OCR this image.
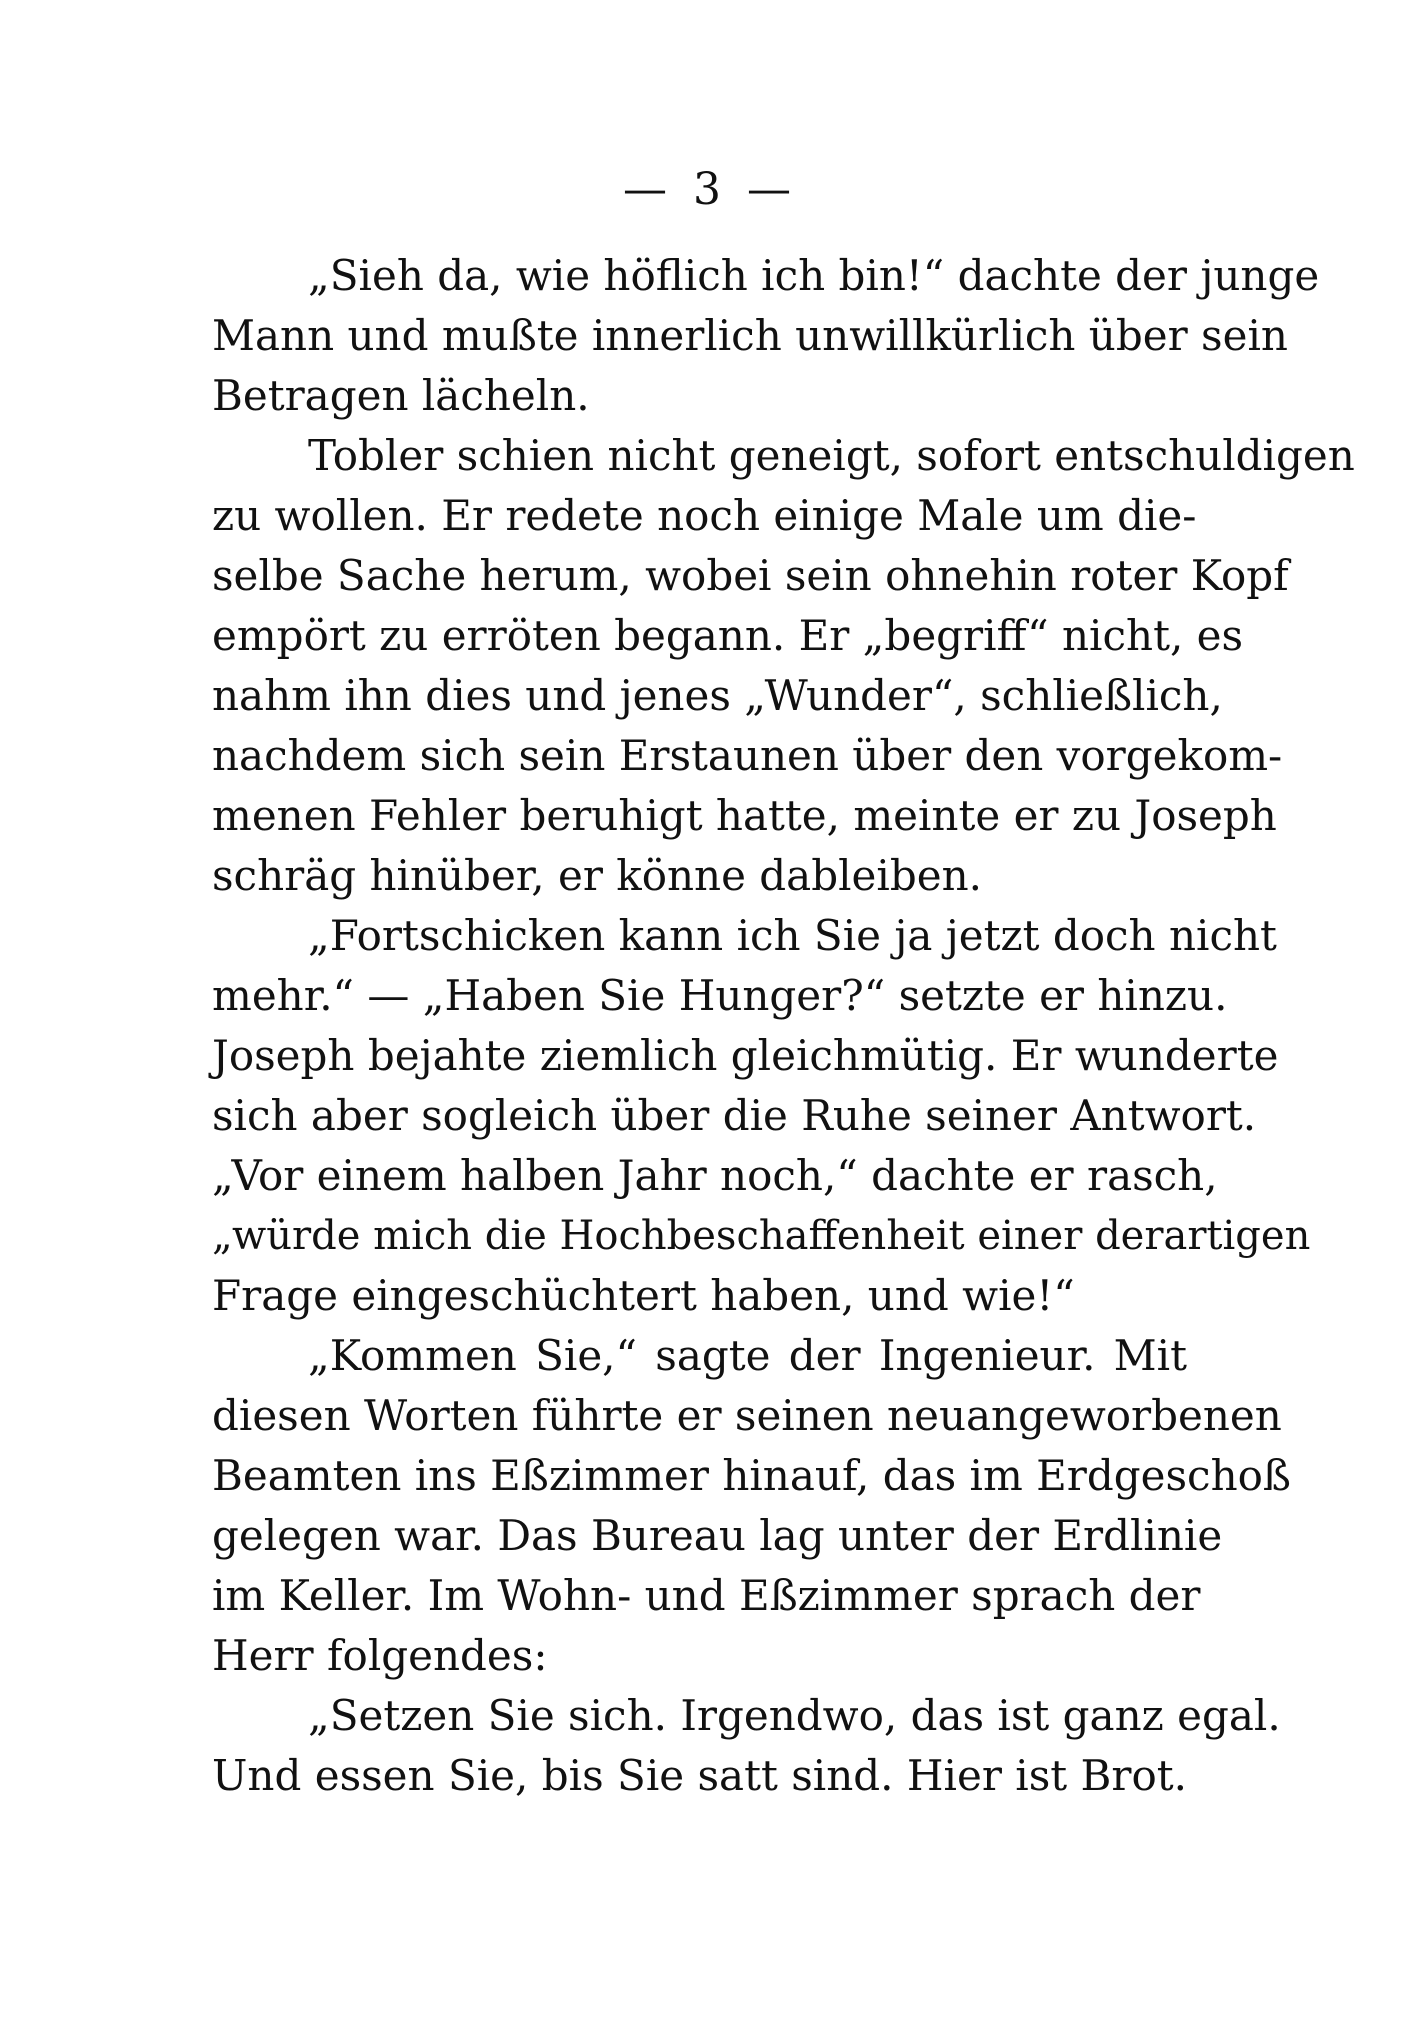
— 3 —
„Sieh da, wie höflich ich bin!“ dachte der junge
Mann und mußte innerlich unwillkürlich über sein
Betragen lächeln.
Tobler schien nicht geneigt, sofort entschuldigen
zu wollen. Er redete noch einige Male um die-
selbe Sache herum, wobei sein ohnehin roter Kopf
empört zu erröten begann. Er „begriff“ nicht, es
nahm ihn dies und jenes „Wunder“, schließlich,
nachdem sich sein Erstaunen über den vorgekom-
menen Fehler beruhigt hatte, meinte er zu Joseph
schräg hinüber, er könne dableiben.
„Fortschicken kann ich Sie ja jetzt doch nicht
mehr.“ — „Haben Sie Hunger?“ setzte er hinzu.
Joseph bejahte ziemlich gleichmütig. Er wunderte
sich aber sogleich über die Ruhe seiner Antwort.
„Vor einem halben Jahr noch,“ dachte er rasch,
„würde mich die Hochbeschaffenheit einer derartigen
Frage eingeschüchtert haben, und wie!“
„Kommen Sie,“ sagte der Ingenieur. Mit
diesen Worten führte er seinen neuangeworbenen
Beamten ins Eßzimmer hinauf, das im Erdgeschoß
gelegen war. Das Bureau lag unter der Erdlinie
im Keller. Im Wohn- und Eßzimmer sprach der
Herr folgendes:
„Setzen Sie sich. Irgendwo, das ist ganz egal.
Und essen Sie, bis Sie satt sind. Hier ist Brot.
